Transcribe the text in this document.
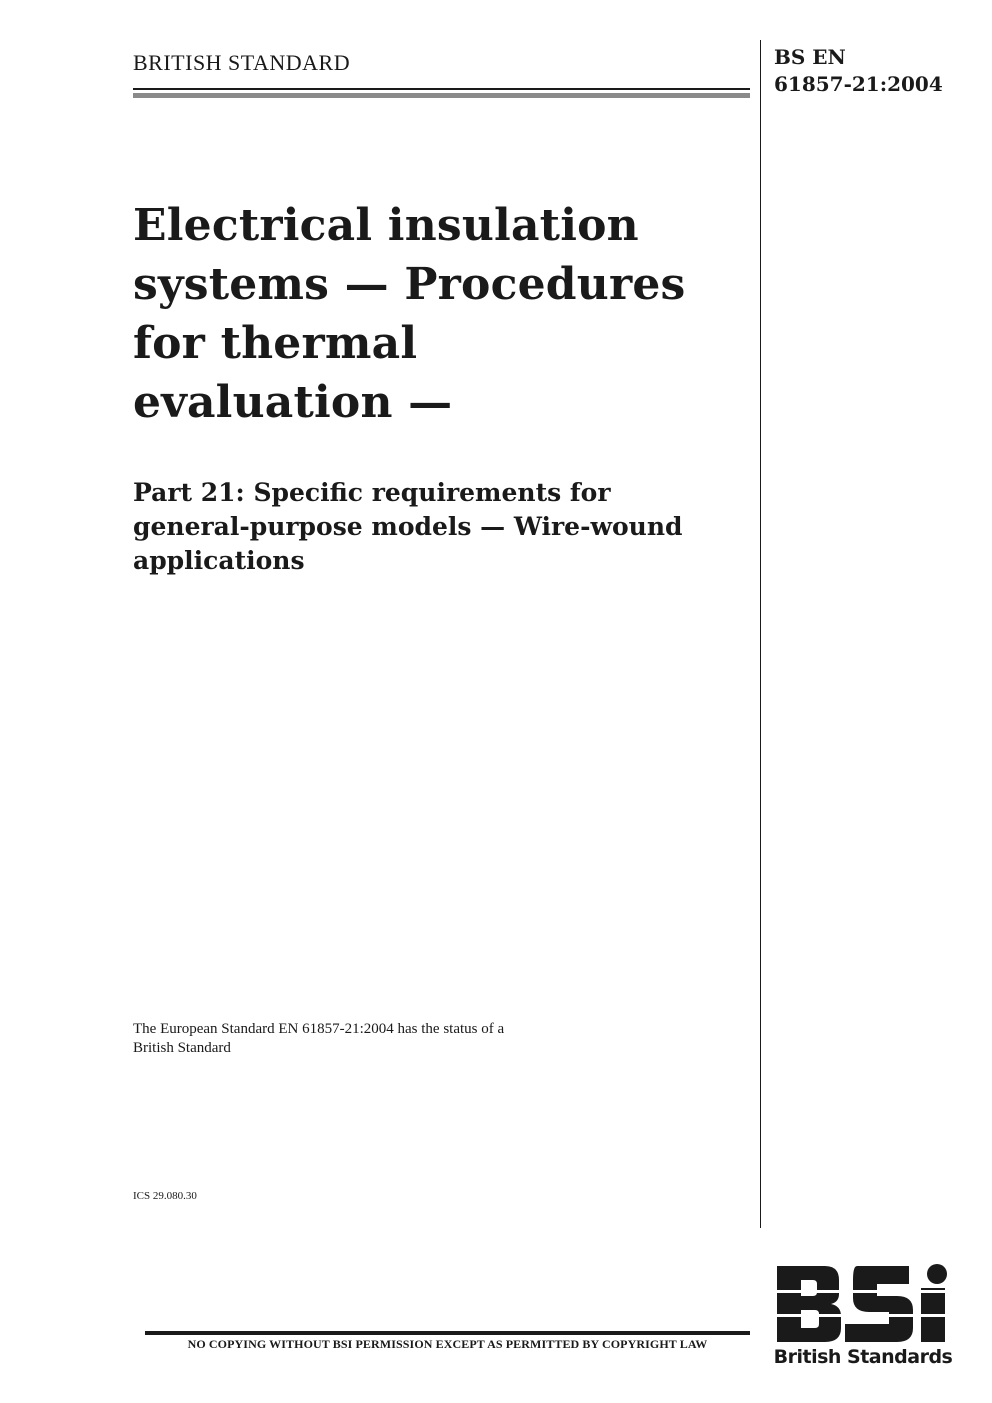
BRITISH STANDARD	BS EN
61857-21:2004
Electrical insulation
systems — Procedures
for thermal
evaluation —
Part 21: Specific requirements for
general-purpose models — Wire-wound
applications
The European Standard EN 61857-21:2004 has the status of a
British Standard
ICS 29.080.30
NO COPYING WITHOUT BSI PERMISSION EXCEPT AS PERMITTED BY COPYRIGHT LAW
British Standards
